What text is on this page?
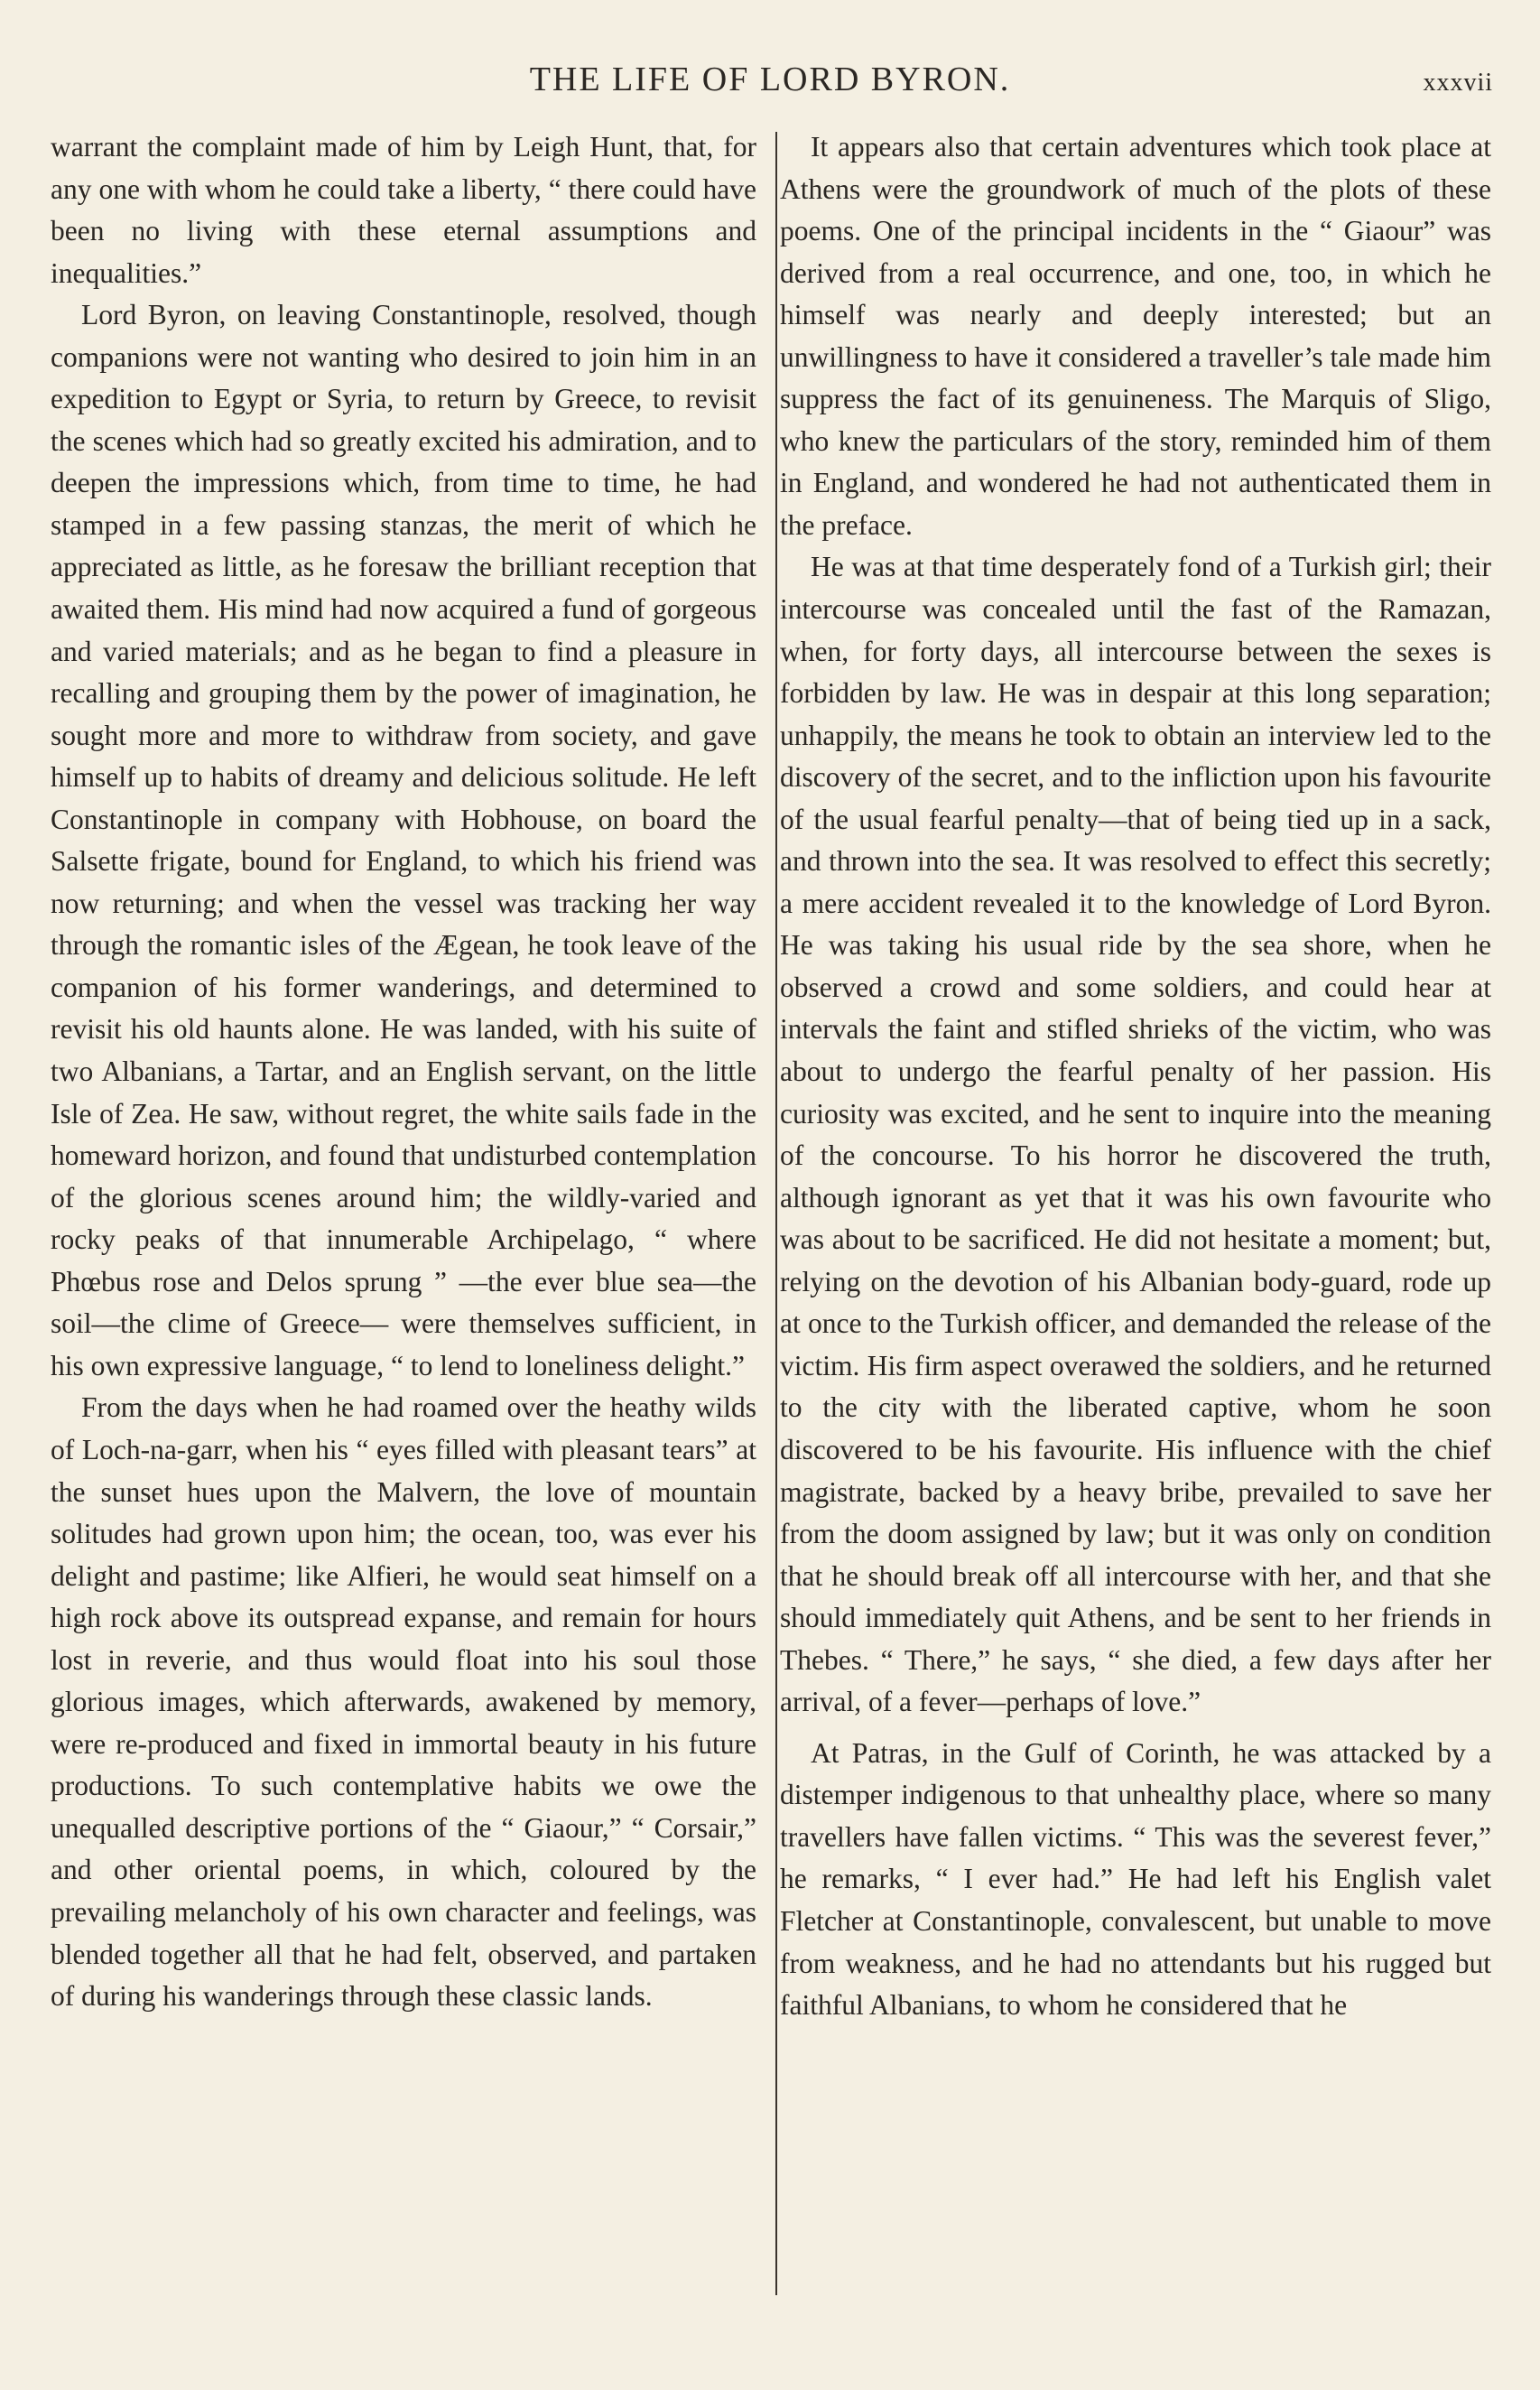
THE LIFE OF LORD BYRON.	xxxvii

warrant the complaint made of him by Leigh Hunt, that, for any one with whom he could take a liberty, “ there could have been no living with these eternal assumptions and inequalities.”

Lord Byron, on leaving Constantinople, resolved, though companions were not wanting who desired to join him in an expedition to Egypt or Syria, to return by Greece, to revisit the scenes which had so greatly excited his admiration, and to deepen the impressions which, from time to time, he had stamped in a few passing stanzas, the merit of which he appreciated as little, as he foresaw the brilliant reception that awaited them. His mind had now acquired a fund of gorgeous and varied materials; and as he began to find a pleasure in recalling and grouping them by the power of imagination, he sought more and more to withdraw from society, and gave himself up to habits of dreamy and delicious solitude. He left Constantinople in company with Hobhouse, on board the Salsette frigate, bound for England, to which his friend was now returning; and when the vessel was tracking her way through the romantic isles of the Ægean, he took leave of the companion of his former wanderings, and determined to revisit his old haunts alone. He was landed, with his suite of two Albanians, a Tartar, and an English servant, on the little Isle of Zea. He saw, without regret, the white sails fade in the homeward horizon, and found that undisturbed contemplation of the glorious scenes around him; the wildly-varied and rocky peaks of that innumerable Archipelago, “ where Phœbus rose and Delos sprung ” —the ever blue sea—the soil—the clime of Greece— were themselves sufficient, in his own expressive language, “ to lend to loneliness delight.”

From the days when he had roamed over the heathy wilds of Loch-na-garr, when his “ eyes filled with pleasant tears” at the sunset hues upon the Malvern, the love of mountain solitudes had grown upon him; the ocean, too, was ever his delight and pastime; like Alfieri, he would seat himself on a high rock above its outspread expanse, and remain for hours lost in reverie, and thus would float into his soul those glorious images, which afterwards, awakened by memory, were re-produced and fixed in immortal beauty in his future productions. To such contemplative habits we owe the unequalled descriptive portions of the “ Giaour,” “ Corsair,” and other oriental poems, in which, coloured by the prevailing melancholy of his own character and feelings, was blended together all that he had felt, observed, and partaken of during his wanderings through these classic lands.

It appears also that certain adventures which took place at Athens were the groundwork of much of the plots of these poems. One of the principal incidents in the “ Giaour” was derived from a real occurrence, and one, too, in which he himself was nearly and deeply interested; but an unwillingness to have it considered a traveller’s tale made him suppress the fact of its genuineness. The Marquis of Sligo, who knew the particulars of the story, reminded him of them in England, and wondered he had not authenticated them in the preface.

He was at that time desperately fond of a Turkish girl; their intercourse was concealed until the fast of the Ramazan, when, for forty days, all intercourse between the sexes is forbidden by law. He was in despair at this long separation; unhappily, the means he took to obtain an interview led to the discovery of the secret, and to the infliction upon his favourite of the usual fearful penalty—that of being tied up in a sack, and thrown into the sea. It was resolved to effect this secretly; a mere accident revealed it to the knowledge of Lord Byron. He was taking his usual ride by the sea shore, when he observed a crowd and some soldiers, and could hear at intervals the faint and stifled shrieks of the victim, who was about to undergo the fearful penalty of her passion. His curiosity was excited, and he sent to inquire into the meaning of the concourse. To his horror he discovered the truth, although ignorant as yet that it was his own favourite who was about to be sacrificed. He did not hesitate a moment; but, relying on the devotion of his Albanian body-guard, rode up at once to the Turkish officer, and demanded the release of the victim. His firm aspect overawed the soldiers, and he returned to the city with the liberated captive, whom he soon discovered to be his favourite. His influence with the chief magistrate, backed by a heavy bribe, prevailed to save her from the doom assigned by law; but it was only on condition that he should break off all intercourse with her, and that she should immediately quit Athens, and be sent to her friends in Thebes. “ There,” he says, “ she died, a few days after her arrival, of a fever—perhaps of love.”

At Patras, in the Gulf of Corinth, he was attacked by a distemper indigenous to that unhealthy place, where so many travellers have fallen victims. “ This was the severest fever,” he remarks, “ I ever had.” He had left his English valet Fletcher at Constantinople, convalescent, but unable to move from weakness, and he had no attendants but his rugged but faithful Albanians, to whom he considered that he
